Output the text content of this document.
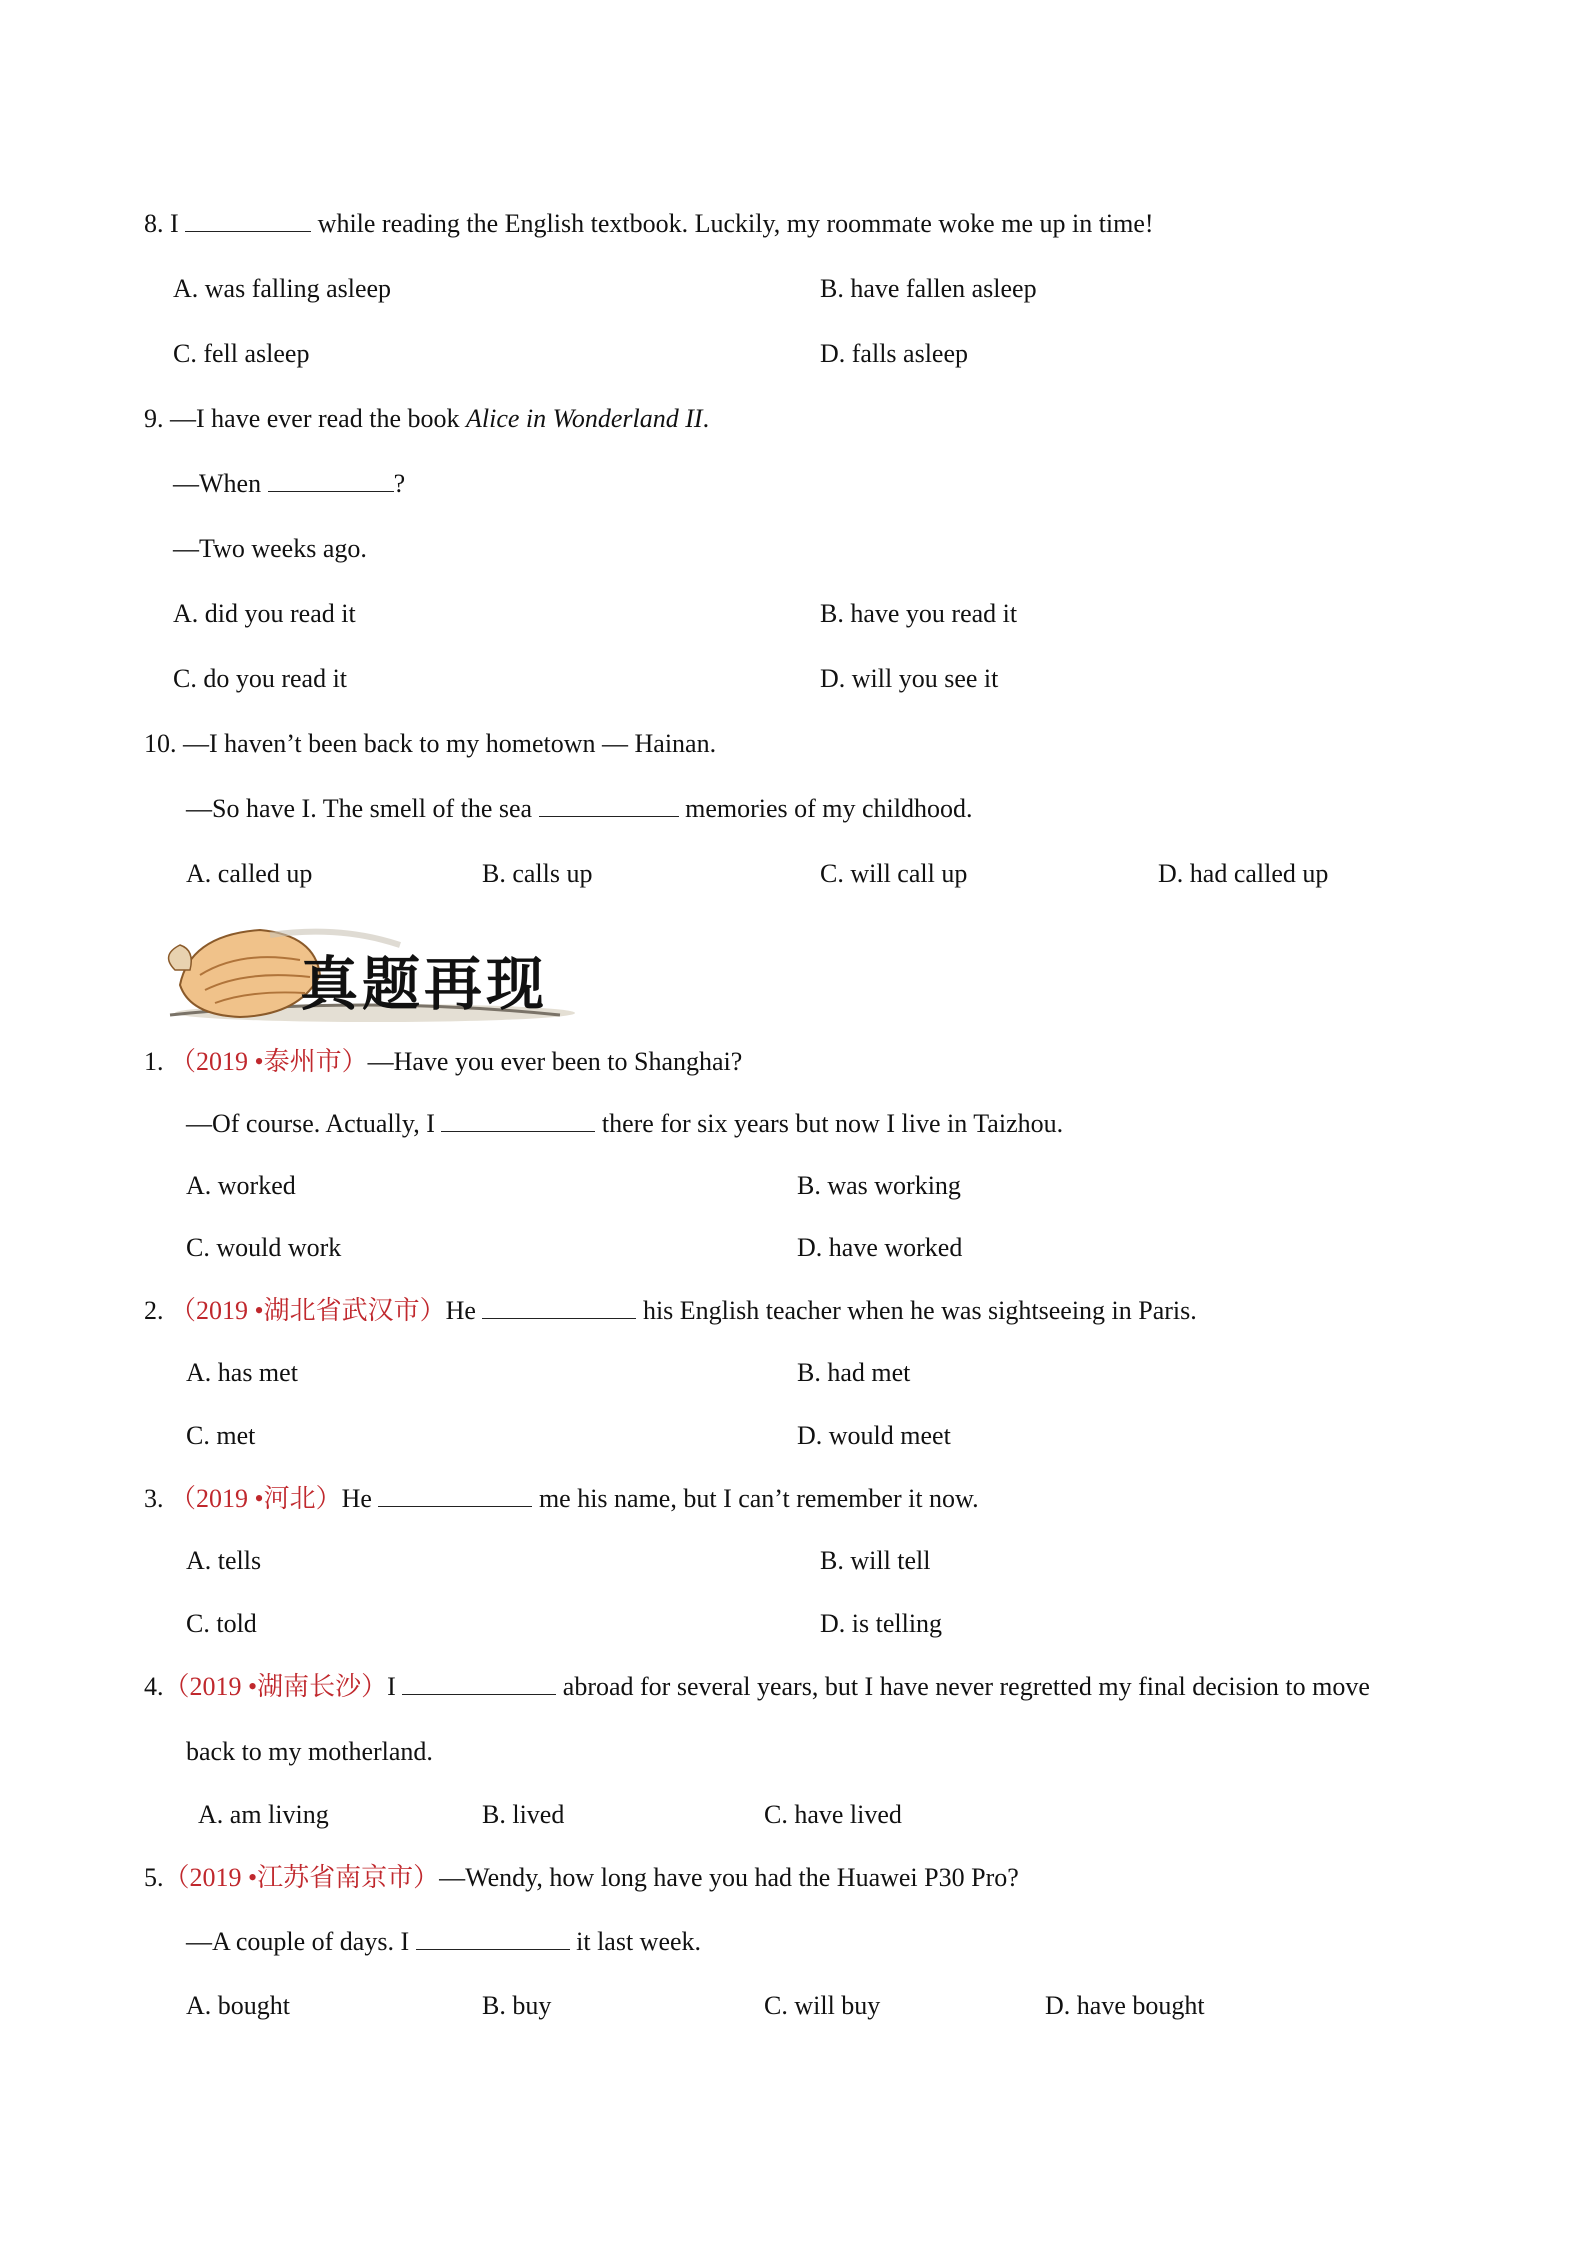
8. I	while reading the English textbook. Luckily, my roommate woke me up in time!
A. was falling asleep	B. have fallen asleep
C. fell asleep	D. falls asleep
9. —I have ever read the book Alice in Wonderland II.
—When	?
—Two weeks ago.
A. did you read it	B. have you read it
C. do you read it	D. will you see it
10. —I haven’t been back to my hometown — Hainan.
—So have I. The smell of the sea	memories of my childhood.
A. called up	B. calls up	C. will call up	D. had called up
真题再现
1. （2019 •泰州市）—Have you ever been to Shanghai?
—Of course. Actually, I	there for six years but now I live in Taizhou.
A. worked	B. was working
C. would work	D. have worked
2. （2019 •湖北省武汉市）He	his English teacher when he was sightseeing in Paris.
A. has met	B. had met
C. met	D. would meet
3. （2019 •河北）He	me his name, but I can’t remember it now.
A. tells	B. will tell
C. told	D. is telling
4.（2019 •湖南长沙）I	abroad for several years, but I have never regretted my final decision to move
back to my motherland.
A. am living	B. lived	C. have lived
5.（2019 •江苏省南京市）—Wendy, how long have you had the Huawei P30 Pro?
—A couple of days. I	it last week.
A. bought	B. buy	C. will buy	D. have bought
